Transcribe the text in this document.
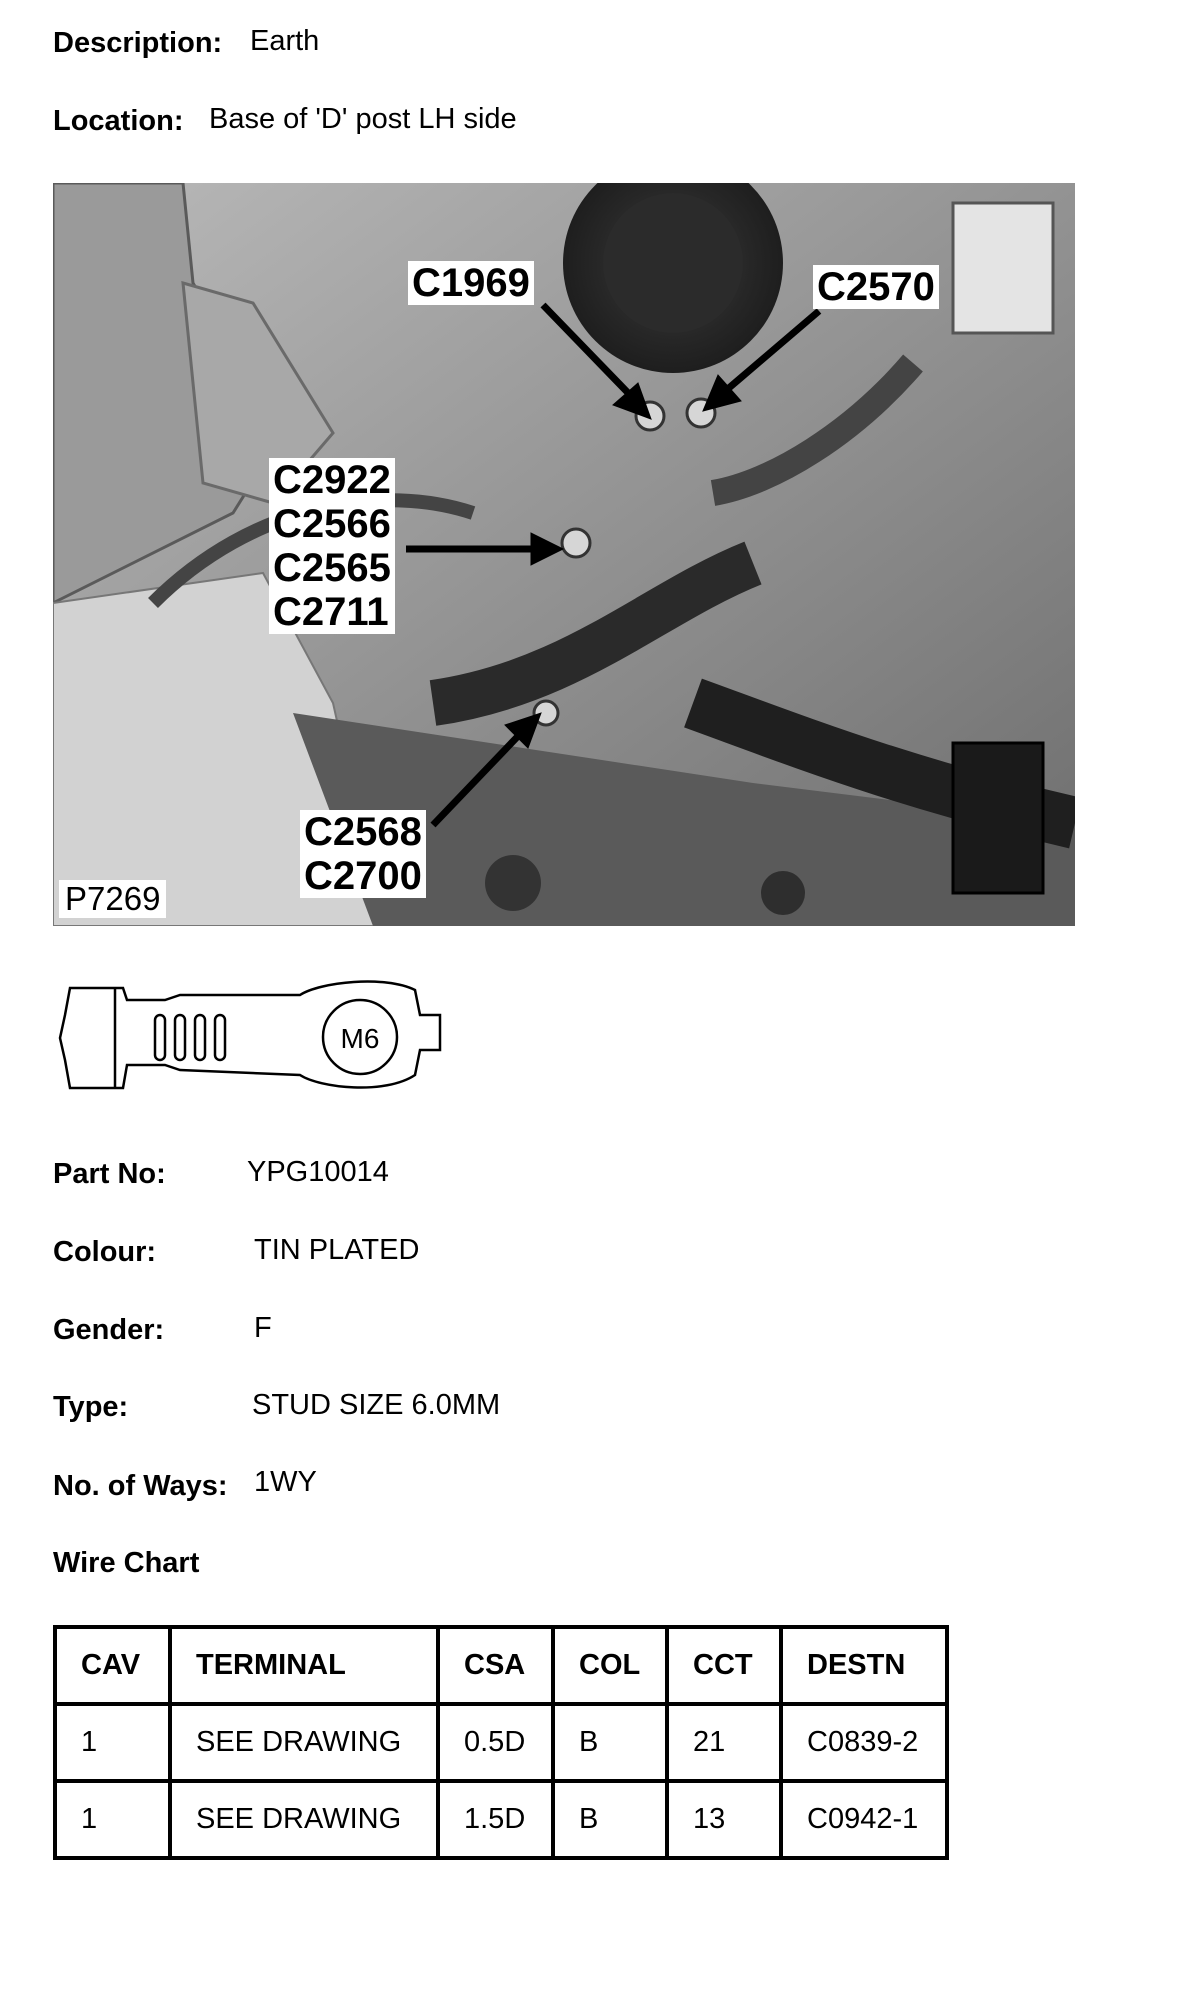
Description: Earth
Location: Base of 'D' post LH side
C1969	C2570
C2922
C2566
C2565
C2711
C2568
C2700
P7269
M6
Part No:	YPG10014
Colour:	TIN PLATED
Gender:	F
Type:	STUD SIZE 6.0MM
No. of Ways: 1WY
Wire Chart
CAV	TERMINAL	CSA	COL	CCT	DESTN
1	SEE DRAWING	0.5D	B	21	C0839-2
1	SEE DRAWING	1.5D	B	13	C0942-1
